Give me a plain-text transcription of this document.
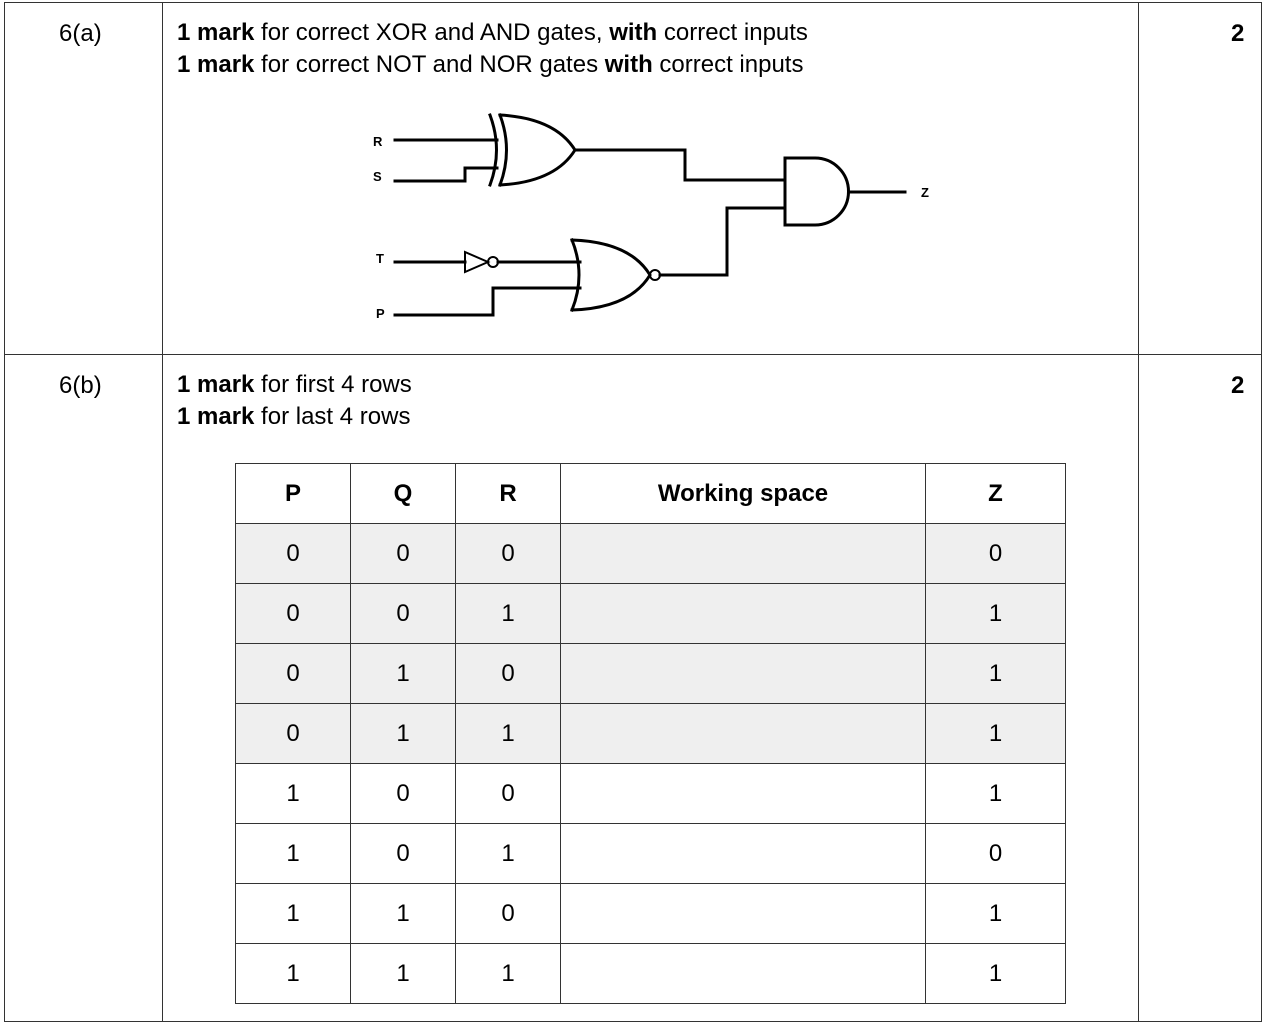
6(a)	2
1 mark for correct XOR and AND gates, with correct inputs
1 mark for correct NOT and NOR gates with correct inputs
R
S
T
P
Z
6(b)	2
1 mark for first 4 rows
1 mark for last 4 rows
P	Q	R	Working space	Z
0	0	0		0
0	0	1		1
0	1	0		1
0	1	1		1
1	0	0		1
1	0	1		0
1	1	0		1
1	1	1		1
